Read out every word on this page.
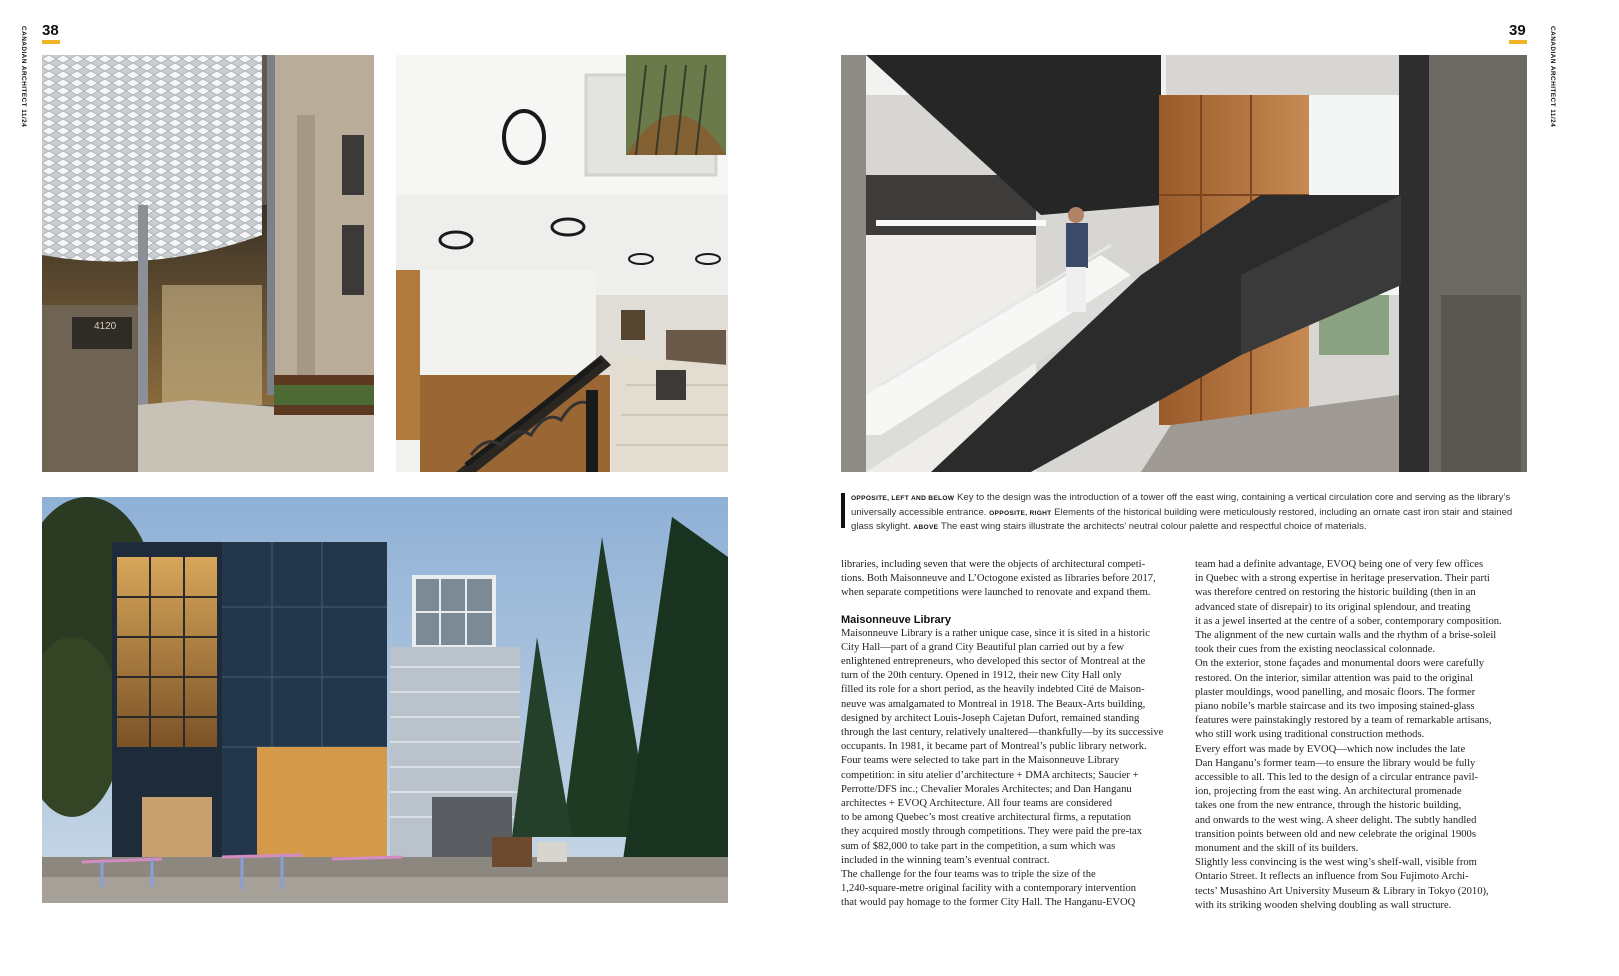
38
CANADIAN ARCHITECT 11/24
4120
39	CANADIAN ARCHITECT 11/24
OPPOSITE, LEFT AND BELOW Key to the design was the introduction of a tower off the east wing, containing a vertical circulation core and serving as the library’s universally accessible entrance. OPPOSITE, RIGHT Elements of the historical building were meticulously restored, including an ornate cast iron stair and stained glass skylight. ABOVE The east wing stairs illustrate the architects’ neutral colour palette and respectful choice of materials.
libraries, including seven that were the objects of architectural competi-
tions. Both Maisonneuve and L’Octogone existed as libraries before 2017,
when separate competitions were launched to renovate and expand them.
Maisonneuve Library
Maisonneuve Library is a rather unique case, since it is sited in a historic
City Hall—part of a grand City Beautiful plan carried out by a few
enlightened entrepreneurs, who developed this sector of Montreal at the
turn of the 20th century. Opened in 1912, their new City Hall only
filled its role for a short period, as the heavily indebted Cité de Maison-
neuve was amalgamated to Montreal in 1918. The Beaux-Arts building,
designed by architect Louis-Joseph Cajetan Dufort, remained standing
through the last century, relatively unaltered—thankfully—by its successive
occupants. In 1981, it became part of Montreal’s public library network.
Four teams were selected to take part in the Maisonneuve Library
competition: in situ atelier d’architecture + DMA architects; Saucier +
Perrotte/DFS inc.; Chevalier Morales Architectes; and Dan Hanganu
architectes + EVOQ Architecture. All four teams are considered
to be among Quebec’s most creative architectural firms, a reputation
they acquired mostly through competitions. They were paid the pre-tax
sum of $82,000 to take part in the competition, a sum which was
included in the winning team’s eventual contract.
The challenge for the four teams was to triple the size of the
1,240-square-metre original facility with a contemporary intervention
that would pay homage to the former City Hall. The Hanganu-EVOQ
team had a definite advantage, EVOQ being one of very few offices
in Quebec with a strong expertise in heritage preservation. Their parti
was therefore centred on restoring the historic building (then in an
advanced state of disrepair) to its original splendour, and treating
it as a jewel inserted at the centre of a sober, contemporary composition.
The alignment of the new curtain walls and the rhythm of a brise-soleil
took their cues from the existing neoclassical colonnade.
On the exterior, stone façades and monumental doors were carefully
restored. On the interior, similar attention was paid to the original
plaster mouldings, wood panelling, and mosaic floors. The former
piano nobile’s marble staircase and its two imposing stained-glass
features were painstakingly restored by a team of remarkable artisans,
who still work using traditional construction methods.
Every effort was made by EVOQ—which now includes the late
Dan Hanganu’s former team—to ensure the library would be fully
accessible to all. This led to the design of a circular entrance pavil-
ion, projecting from the east wing. An architectural promenade
takes one from the new entrance, through the historic building,
and onwards to the west wing. A sheer delight. The subtly handled
transition points between old and new celebrate the original 1900s
monument and the skill of its builders.
Slightly less convincing is the west wing’s shelf-wall, visible from
Ontario Street. It reflects an influence from Sou Fujimoto Archi-
tects’ Musashino Art University Museum & Library in Tokyo (2010),
with its striking wooden shelving doubling as wall structure.
